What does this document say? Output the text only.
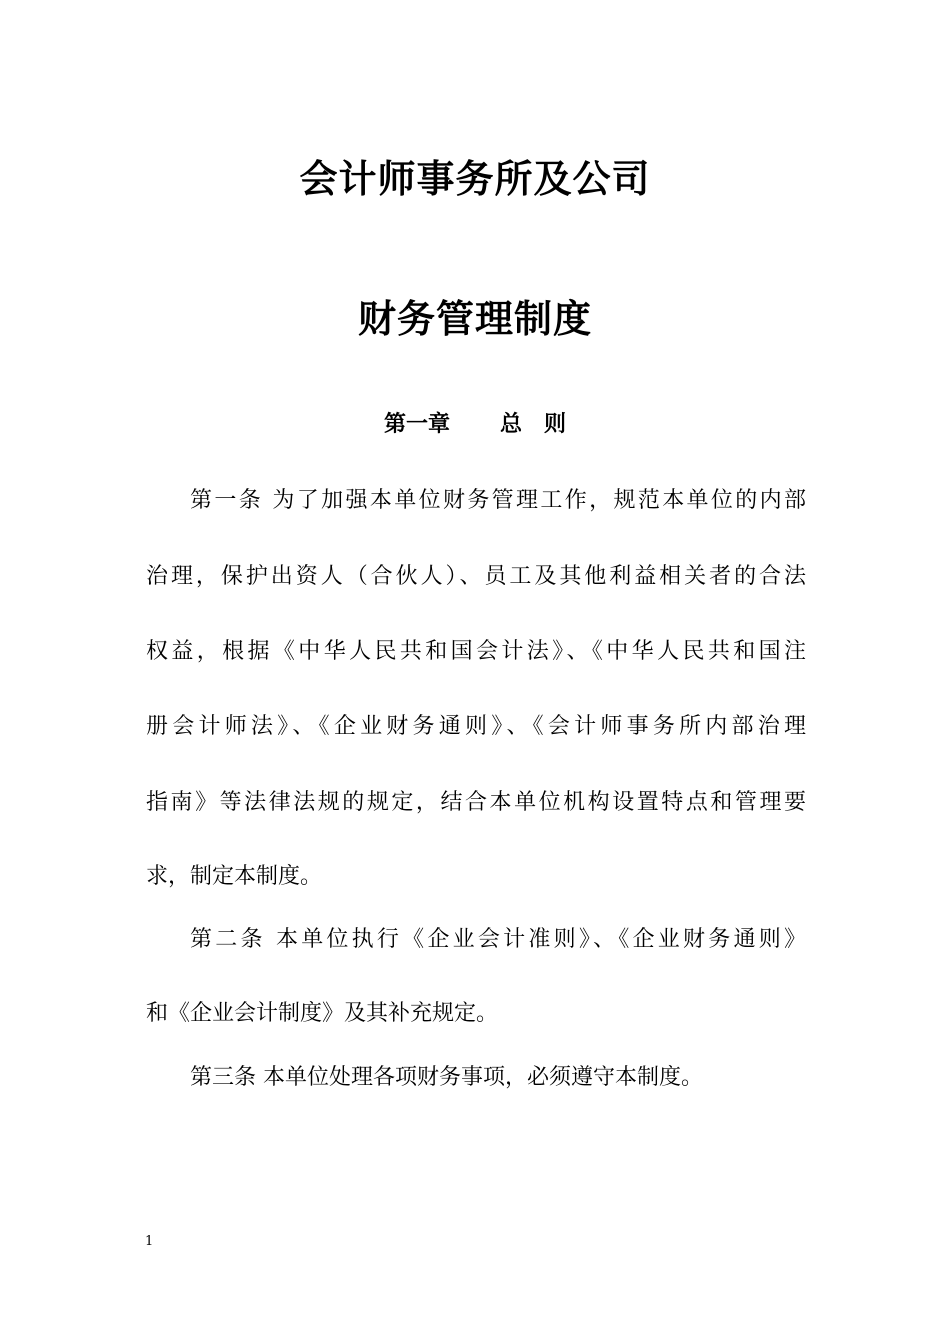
会计师事务所及公司
财务管理制度
第一章 总　则
第一条 为了加强本单位财务管理工作，规范本单位的内部
治理，保护出资人（合伙人）、员工及其他利益相关者的合法
权益，根据《中华人民共和国会计法》、《中华人民共和国注
册会计师法》、《企业财务通则》、《会计师事务所内部治理
指南》等法律法规的规定，结合本单位机构设置特点和管理要
求，制定本制度。
第二条 本单位执行《企业会计准则》、《企业财务通则》
和《企业会计制度》及其补充规定。
第三条 本单位处理各项财务事项，必须遵守本制度。
1
